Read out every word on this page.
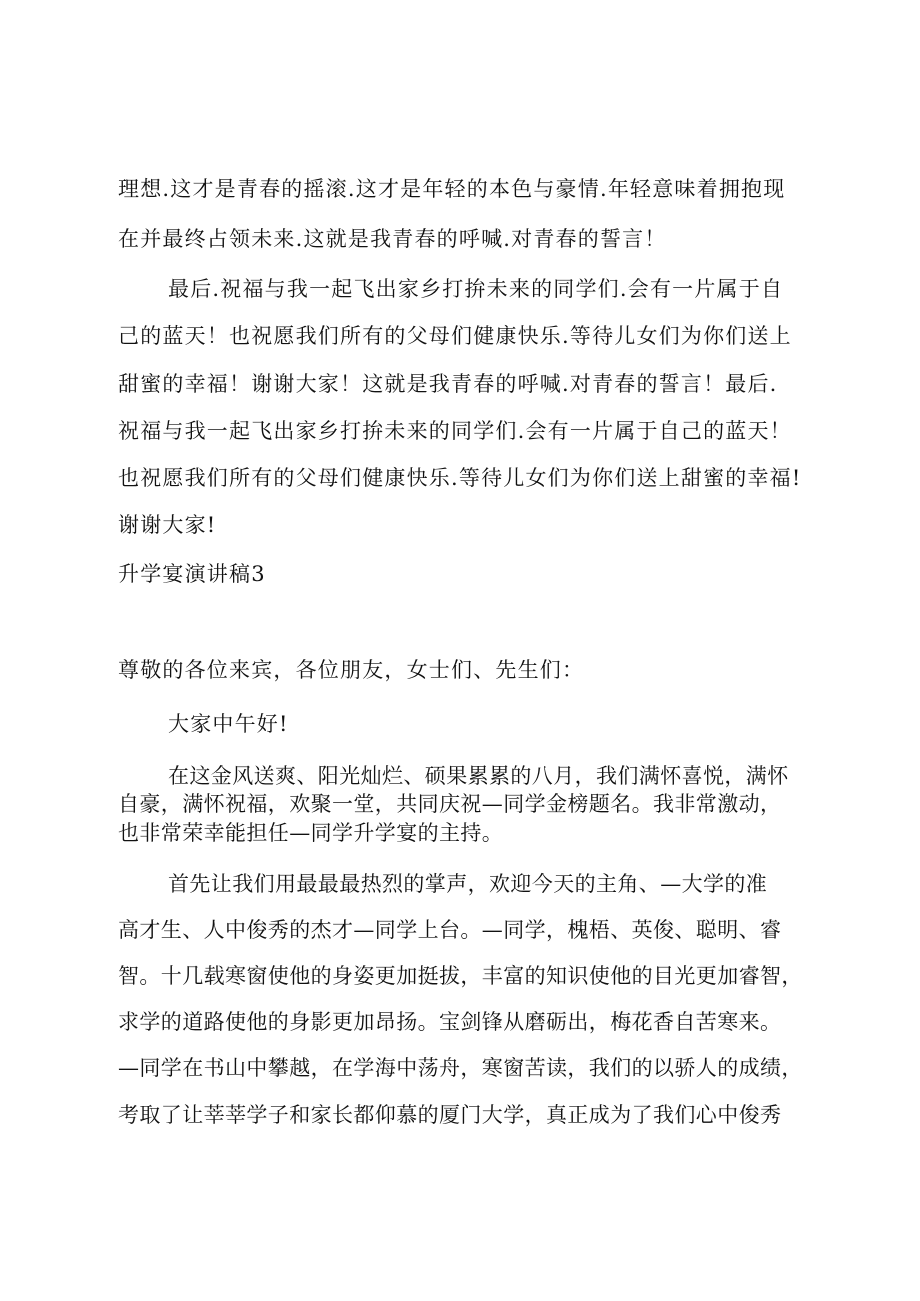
理想.这才是青春的摇滚.这才是年轻的本色与豪情.年轻意味着拥抱现
在并最终占领未来.这就是我青春的呼喊.对青春的誓言！
最后.祝福与我一起飞出家乡打拚未来的同学们.会有一片属于自
己的蓝天！也祝愿我们所有的父母们健康快乐.等待儿女们为你们送上
甜蜜的幸福！谢谢大家！这就是我青春的呼喊.对青春的誓言！最后.
祝福与我一起飞出家乡打拚未来的同学们.会有一片属于自己的蓝天！
也祝愿我们所有的父母们健康快乐.等待儿女们为你们送上甜蜜的幸福!
谢谢大家!
升学宴演讲稿3
尊敬的各位来宾，各位朋友，女士们、先生们：
大家中午好!
在这金风送爽、阳光灿烂、硕果累累的八月，我们满怀喜悦，满怀
自豪，满怀祝福，欢聚一堂，共同庆祝—同学金榜题名。我非常激动，
也非常荣幸能担任—同学升学宴的主持。
首先让我们用最最最热烈的掌声，欢迎今天的主角、—大学的准
高才生、人中俊秀的杰才—同学上台。—同学，槐梧、英俊、聪明、睿
智。十几载寒窗使他的身姿更加挺拔，丰富的知识使他的目光更加睿智，
求学的道路使他的身影更加昂扬。宝剑锋从磨砺出，梅花香自苦寒来。
—同学在书山中攀越，在学海中荡舟，寒窗苦读，我们的以骄人的成绩，
考取了让莘莘学子和家长都仰慕的厦门大学，真正成为了我们心中俊秀
